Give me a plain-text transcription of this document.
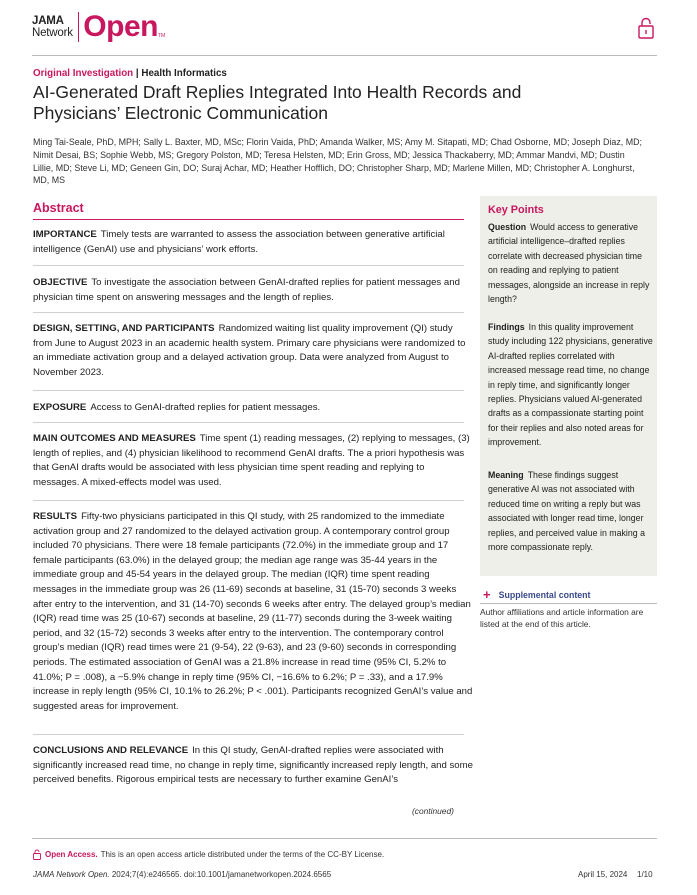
JAMA
Network Open TM
Original Investigation | Health Informatics
AI-Generated Draft Replies Integrated Into Health Records and Physicians’ Electronic Communication
Ming Tai-Seale, PhD, MPH; Sally L. Baxter, MD, MSc; Florin Vaida, PhD; Amanda Walker, MS; Amy M. Sitapati, MD; Chad Osborne, MD; Joseph Diaz, MD; Nimit Desai, BS; Sophie Webb, MS; Gregory Polston, MD; Teresa Helsten, MD; Erin Gross, MD; Jessica Thackaberry, MD; Ammar Mandvi, MD; Dustin Lillie, MD; Steve Li, MD; Geneen Gin, DO; Suraj Achar, MD; Heather Hofflich, DO; Christopher Sharp, MD; Marlene Millen, MD; Christopher A. Longhurst, MD, MS
Abstract
IMPORTANCE Timely tests are warranted to assess the association between generative artificial intelligence (GenAI) use and physicians’ work efforts.
OBJECTIVE To investigate the association between GenAI-drafted replies for patient messages and physician time spent on answering messages and the length of replies.
DESIGN, SETTING, AND PARTICIPANTS Randomized waiting list quality improvement (QI) study from June to August 2023 in an academic health system. Primary care physicians were randomized to an immediate activation group and a delayed activation group. Data were analyzed from August to November 2023.
EXPOSURE Access to GenAI-drafted replies for patient messages.
MAIN OUTCOMES AND MEASURES Time spent (1) reading messages, (2) replying to messages, (3) length of replies, and (4) physician likelihood to recommend GenAI drafts. The a priori hypothesis was that GenAI drafts would be associated with less physician time spent reading and replying to messages. A mixed-effects model was used.
RESULTS Fifty-two physicians participated in this QI study, with 25 randomized to the immediate activation group and 27 randomized to the delayed activation group. A contemporary control group included 70 physicians. There were 18 female participants (72.0%) in the immediate group and 17 female participants (63.0%) in the delayed group; the median age range was 35-44 years in the immediate group and 45-54 years in the delayed group. The median (IQR) time spent reading messages in the immediate group was 26 (11-69) seconds at baseline, 31 (15-70) seconds 3 weeks after entry to the intervention, and 31 (14-70) seconds 6 weeks after entry. The delayed group’s median (IQR) read time was 25 (10-67) seconds at baseline, 29 (11-77) seconds during the 3-week waiting period, and 32 (15-72) seconds 3 weeks after entry to the intervention. The contemporary control group’s median (IQR) read times were 21 (9-54), 22 (9-63), and 23 (9-60) seconds in corresponding periods. The estimated association of GenAI was a 21.8% increase in read time (95% CI, 5.2% to 41.0%; P = .008), a −5.9% change in reply time (95% CI, −16.6% to 6.2%; P = .33), and a 17.9% increase in reply length (95% CI, 10.1% to 26.2%; P < .001). Participants recognized GenAI’s value and suggested areas for improvement.
CONCLUSIONS AND RELEVANCE In this QI study, GenAI-drafted replies were associated with significantly increased read time, no change in reply time, significantly increased reply length, and some perceived benefits. Rigorous empirical tests are necessary to further examine GenAI’s
(continued)
Key Points
Question Would access to generative artificial intelligence–drafted replies correlate with decreased physician time on reading and replying to patient messages, alongside an increase in reply length?
Findings In this quality improvement study including 122 physicians, generative AI-drafted replies correlated with increased message read time, no change in reply time, and significantly longer replies. Physicians valued AI-generated drafts as a compassionate starting point for their replies and also noted areas for improvement.
Meaning These findings suggest generative AI was not associated with reduced time on writing a reply but was associated with longer read time, longer replies, and perceived value in making a more compassionate reply.
+ Supplemental content
Author affiliations and article information are listed at the end of this article.
Open Access. This is an open access article distributed under the terms of the CC-BY License.
JAMA Network Open. 2024;7(4):e246565. doi:10.1001/jamanetworkopen.2024.6565	April 15, 2024 1/10
